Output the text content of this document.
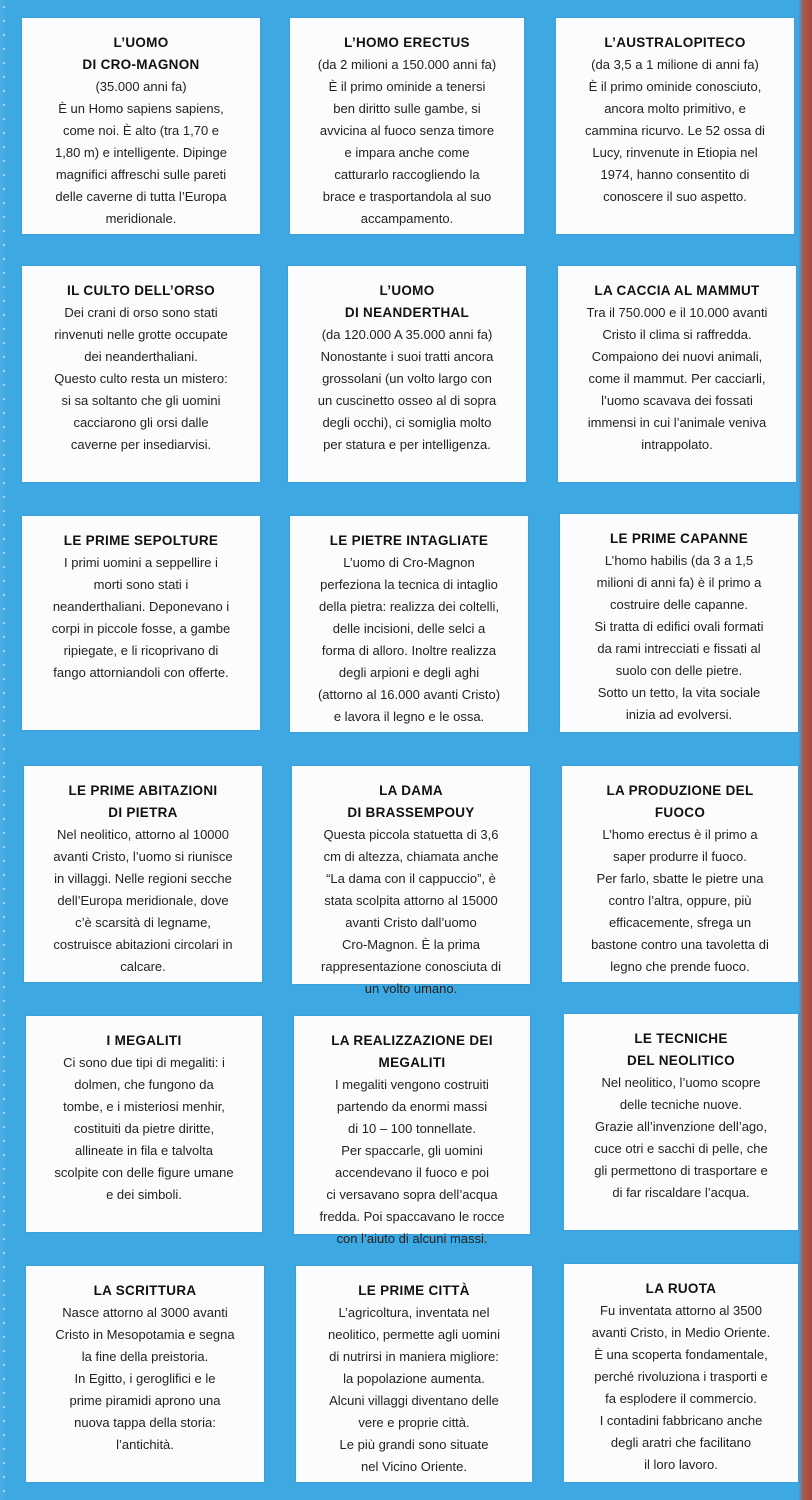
L’UOMO
DI CRO-MAGNON
(35.000 anni fa)
È un Homo sapiens sapiens,
come noi. È alto (tra 1,70 e
1,80 m) e intelligente. Dipinge
magnifici affreschi sulle pareti
delle caverne di tutta l’Europa
meridionale.
L’HOMO ERECTUS
(da 2 milioni a 150.000 anni fa)
È il primo ominide a tenersi
ben diritto sulle gambe, si
avvicina al fuoco senza timore
e impara anche come
catturarlo raccogliendo la
brace e trasportandola al suo
accampamento.
L’AUSTRALOPITECO
(da 3,5 a 1 milione di anni fa)
È il primo ominide conosciuto,
ancora molto primitivo, e
cammina ricurvo. Le 52 ossa di
Lucy, rinvenute in Etiopia nel
1974, hanno consentito di
conoscere il suo aspetto.
IL CULTO DELL’ORSO
Dei crani di orso sono stati
rinvenuti nelle grotte occupate
dei neanderthaliani.
Questo culto resta un mistero:
si sa soltanto che gli uomini
cacciarono gli orsi dalle
caverne per insediarvisi.
L’UOMO
DI NEANDERTHAL
(da 120.000 A 35.000 anni fa)
Nonostante i suoi tratti ancora
grossolani (un volto largo con
un cuscinetto osseo al di sopra
degli occhi), ci somiglia molto
per statura e per intelligenza.
LA CACCIA AL MAMMUT
Tra il 750.000 e il 10.000 avanti
Cristo il clima si raffredda.
Compaiono dei nuovi animali,
come il mammut. Per cacciarli,
l’uomo scavava dei fossati
immensi in cui l’animale veniva
intrappolato.
LE PRIME SEPOLTURE
I primi uomini a seppellire i
morti sono stati i
neanderthaliani. Deponevano i
corpi in piccole fosse, a gambe
ripiegate, e li ricoprivano di
fango attorniandoli con offerte.
LE PIETRE INTAGLIATE
L’uomo di Cro-Magnon
perfeziona la tecnica di intaglio
della pietra: realizza dei coltelli,
delle incisioni, delle selci a
forma di alloro. Inoltre realizza
degli arpioni e degli aghi
(attorno al 16.000 avanti Cristo)
e lavora il legno e le ossa.
LE PRIME CAPANNE
L’homo habilis (da 3 a 1,5
milioni di anni fa) è il primo a
costruire delle capanne.
Si tratta di edifici ovali formati
da rami intrecciati e fissati al
suolo con delle pietre.
Sotto un tetto, la vita sociale
inizia ad evolversi.
LE PRIME ABITAZIONI
DI PIETRA
Nel neolitico, attorno al 10000
avanti Cristo, l’uomo si riunisce
in villaggi. Nelle regioni secche
dell’Europa meridionale, dove
c’è scarsità di legname,
costruisce abitazioni circolari in
calcare.
LA DAMA
DI BRASSEMPOUY
Questa piccola statuetta di 3,6
cm di altezza, chiamata anche
“La dama con il cappuccio”, è
stata scolpita attorno al 15000
avanti Cristo dall’uomo
Cro-Magnon. È la prima
rappresentazione conosciuta di
un volto umano.
LA PRODUZIONE DEL
FUOCO
L’homo erectus è il primo a
saper produrre il fuoco.
Per farlo, sbatte le pietre una
contro l’altra, oppure, più
efficacemente, sfrega un
bastone contro una tavoletta di
legno che prende fuoco.
I MEGALITI
Ci sono due tipi di megaliti: i
dolmen, che fungono da
tombe, e i misteriosi menhir,
costituiti da pietre diritte,
allineate in fila e talvolta
scolpite con delle figure umane
e dei simboli.
LA REALIZZAZIONE DEI
MEGALITI
I megaliti vengono costruiti
partendo da enormi massi
di 10 – 100 tonnellate.
Per spaccarle, gli uomini
accendevano il fuoco e poi
ci versavano sopra dell’acqua
fredda. Poi spaccavano le rocce
con l’aiuto di alcuni massi.
LE TECNICHE
DEL NEOLITICO
Nel neolitico, l’uomo scopre
delle tecniche nuove.
Grazie all’invenzione dell’ago,
cuce otri e sacchi di pelle, che
gli permettono di trasportare e
di far riscaldare l’acqua.
LA SCRITTURA
Nasce attorno al 3000 avanti
Cristo in Mesopotamia e segna
la fine della preistoria.
In Egitto, i geroglifici e le
prime piramidi aprono una
nuova tappa della storia:
l’antichità.
LE PRIME CITTÀ
L’agricoltura, inventata nel
neolitico, permette agli uomini
di nutrirsi in maniera migliore:
la popolazione aumenta.
Alcuni villaggi diventano delle
vere e proprie città.
Le più grandi sono situate
nel Vicino Oriente.
LA RUOTA
Fu inventata attorno al 3500
avanti Cristo, in Medio Oriente.
È una scoperta fondamentale,
perché rivoluziona i trasporti e
fa esplodere il commercio.
I contadini fabbricano anche
degli aratri che facilitano
il loro lavoro.
